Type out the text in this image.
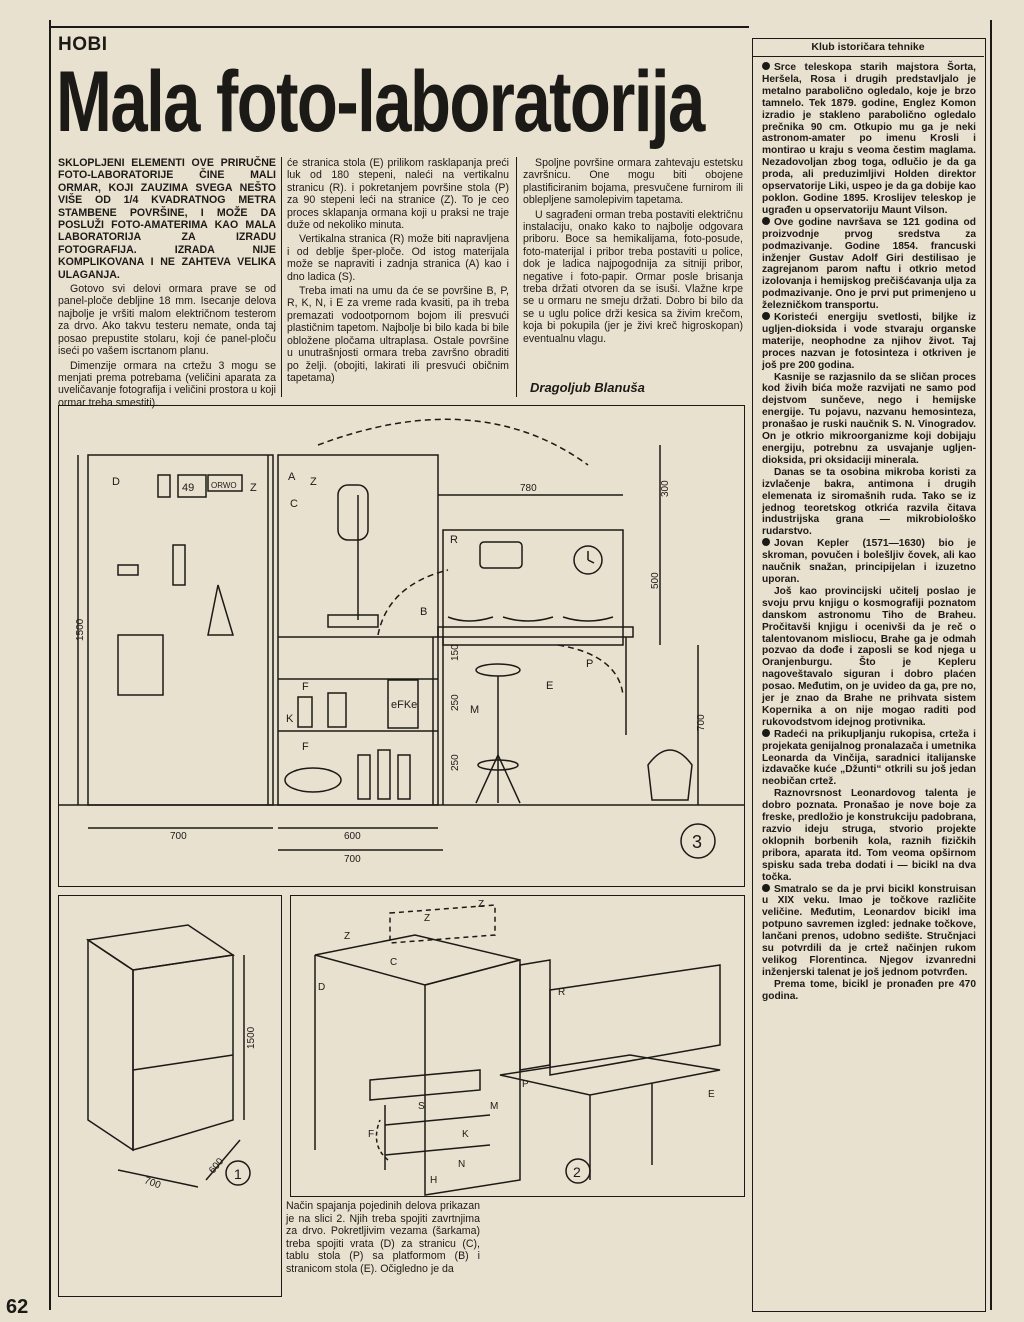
HOBI
Mala foto-laboratorija

SKLOPLJENI ELEMENTI OVE PRIRUČNE FOTO-LABORATORIJE ČINE MALI ORMAR, KOJI ZAUZIMA SVEGA NEŠTO VIŠE OD 1/4 KVADRATNOG METRA STAMBENE POVRŠINE, I MOŽE DA POSLUŽI FOTO-AMATERIMA KAO MALA LABORATORIJA ZA IZRADU FOTOGRAFIJA. IZRADA NIJE KOMPLIKOVANA I NE ZAHTEVA VELIKA ULAGANJA.

Gotovo svi delovi ormara prave se od panel-ploče debljine 18 mm. Isecanje delova najbolje je vršiti malom električnom testerom za drvo. Ako takvu testeru nemate, onda taj posao prepustite stolaru, koji će panel-ploču iseći po vašem iscrtanom planu.

Dimenzije ormara na crtežu 3 mogu se menjati prema potrebama (veličini aparata za uveličavanje fotografija i veličini prostora u koji ormar treba smestiti).

će stranica stola (E) prilikom rasklapanja preći luk od 180 stepeni, naleći na vertikalnu stranicu (R). i pokretanjem površine stola (P) za 90 stepeni leći na stranice (Z). To je ceo proces sklapanja ormana koji u praksi ne traje duže od nekoliko minuta.

Vertikalna stranica (R) može biti napravljena i od deblje šper-ploče. Od istog materijala može se napraviti i zadnja stranica (A) kao i dno ladica (S).

Treba imati na umu da će se površine B, P, R, K, N, i E za vreme rada kvasiti, pa ih treba premazati vodootpornom bojom ili presvući plastičnim tapetom. Najbolje bi bilo kada bi bile obložene pločama ultraplasa. Ostale površine u unutrašnjosti ormara treba završno obraditi po želji. (obojiti, lakirati ili presvući običnim tapetama)

Spoljne površine ormara zahtevaju estetsku završnicu. One mogu biti obojene plastificiranim bojama, presvučene furnirom ili oblepljene samolepivim tapetama.

U sagrađeni orman treba postaviti električnu instalaciju, onako kako to najbolje odgovara priboru. Boce sa hemikalijama, foto-posude, foto-materijal i pribor treba postaviti u police, dok je ladica najpogodnija za sitniji pribor, negative i foto-papir. Ormar posle brisanja treba držati otvoren da se isuši. Vlažne krpe se u ormaru ne smeju držati. Dobro bi bilo da se u uglu police drži kesica sa živim krečom, koja bi pokupila (jer je živi kreč higroskopan) eventualnu vlagu.

Dragoljub Blanuša
3
780	300
500
1500
150
250
250
700
700	600
700
D	Z
A Z
C
R
B
P
E
F
K
F
M
49 ORWO
eFKe
1
700
600
1500
Način spajanja pojedinih delova prikazan je na slici 2. Njih treba spojiti zavrtnjima za drvo. Pokretljivim vezama (šarkama) treba spojiti vrata (D) za stranicu (C), tablu stola (P) sa platformom (B) i stranicom stola (E). Očigledno je da
2
Z
Z
Z
C
D	R
P
M
S
F	K
N
H
E
Klub istoričara tehnike

Srce teleskopa starih majstora Šorta, Heršela, Rosa i drugih predstavljalo je metalno parabolično ogledalo, koje je brzo tamnelo. Tek 1879. godine, Englez Komon izradio je stakleno parabolično ogledalo prečnika 90 cm. Otkupio mu ga je neki astronom-amater po imenu Krosli i montirao u kraju s veoma čestim maglama. Nezadovoljan zbog toga, odlučio je da ga proda, ali preduzimljivi Holden direktor opservatorije Liki, uspeo je da ga dobije kao poklon. Godine 1895. Kroslijev teleskop je ugrađen u opservatoriju Maunt Vilson.

Ove godine navršava se 121 godina od proizvodnje prvog sredstva za podmazivanje. Godine 1854. francuski inženjer Gustav Adolf Giri destilisao je zagrejanom parom naftu i otkrio metod izolovanja i hemijskog prečišćavanja ulja za podmazivanje. Ono je prvi put primenjeno u železničkom transportu.

Koristeći energiju svetlosti, biljke iz ugljen-dioksida i vode stvaraju organske materije, neophodne za njihov život. Taj proces nazvan je fotosinteza i otkriven je još pre 200 godina.

Kasnije se razjasnilo da se sličan proces kod živih bića može razvijati ne samo pod dejstvom sunčeve, nego i hemijske energije. Tu pojavu, nazvanu hemosintezа, pronašao je ruski naučnik S. N. Vinogradov. On je otkrio mikroorganizme koji dobijaju energiju, potrebnu za usvajanje ugljen-dioksida, pri oksidaciji minerala.

Danas se ta osobina mikroba koristi za izvlačenje bakra, antimona i drugih elemenata iz siromašnih ruda. Tako se iz jednog teoretskog otkrića razvila čitava industrijska grana — mikrobiološko rudarstvo.

Jovan Kepler (1571—1630) bio je skroman, povučen i bolešljiv čovek, ali kao naučnik snažan, principijelan i izuzetno uporan.

Još kao provincijski učitelj poslao je svoju prvu knjigu o kosmografiji poznatom danskom astronomu Tiho de Braheu. Pročitavši knjigu i ocenivši da je reč o talentovanom misliocu, Brahe ga je odmah pozvao da dođe i zaposli se kod njega u Oranjenburgu. Što je Kepleru nagoveštavalo siguran i dobro plaćen posao. Međutim, on je uvideo da ga, pre no, jer je znao da Brahe ne prihvata sistem Kopernika a on nije mogao raditi pod rukovodstvom idejnog protivnika.

Radeći na prikupljanju rukopisa, crteža i projekata genijalnog pronalazača i umetnika Leonarda da Vinčija, saradnici italijanske izdavačke kuće „Džunti“ otkrili su još jedan neobičan crtež.

Raznovrsnost Leonardovog talenta je dobro poznata. Pronašao je nove boje za freske, predložio je konstrukciju padobrana, razvio ideju struga, stvorio projekte oklopnih borbenih kola, raznih fizičkih pribora, aparata itd. Tom veoma opširnom spisku sada treba dodati i — bicikl na dva točka.

Smatralo se da je prvi bicikl konstruisan u XIX veku. Imao je točkove različite veličine. Međutim, Leonardov bicikl ima potpuno savremen izgled: jednake točkove, lančani prenos, udobno sedište. Stručnjaci su potvrdili da je crtež načinjen rukom velikog Florentinca. Njegov izvanredni inženjerski talenat je još jednom potvrđen.

Prema tome, bicikl je pronađen pre 470 godina.

62
